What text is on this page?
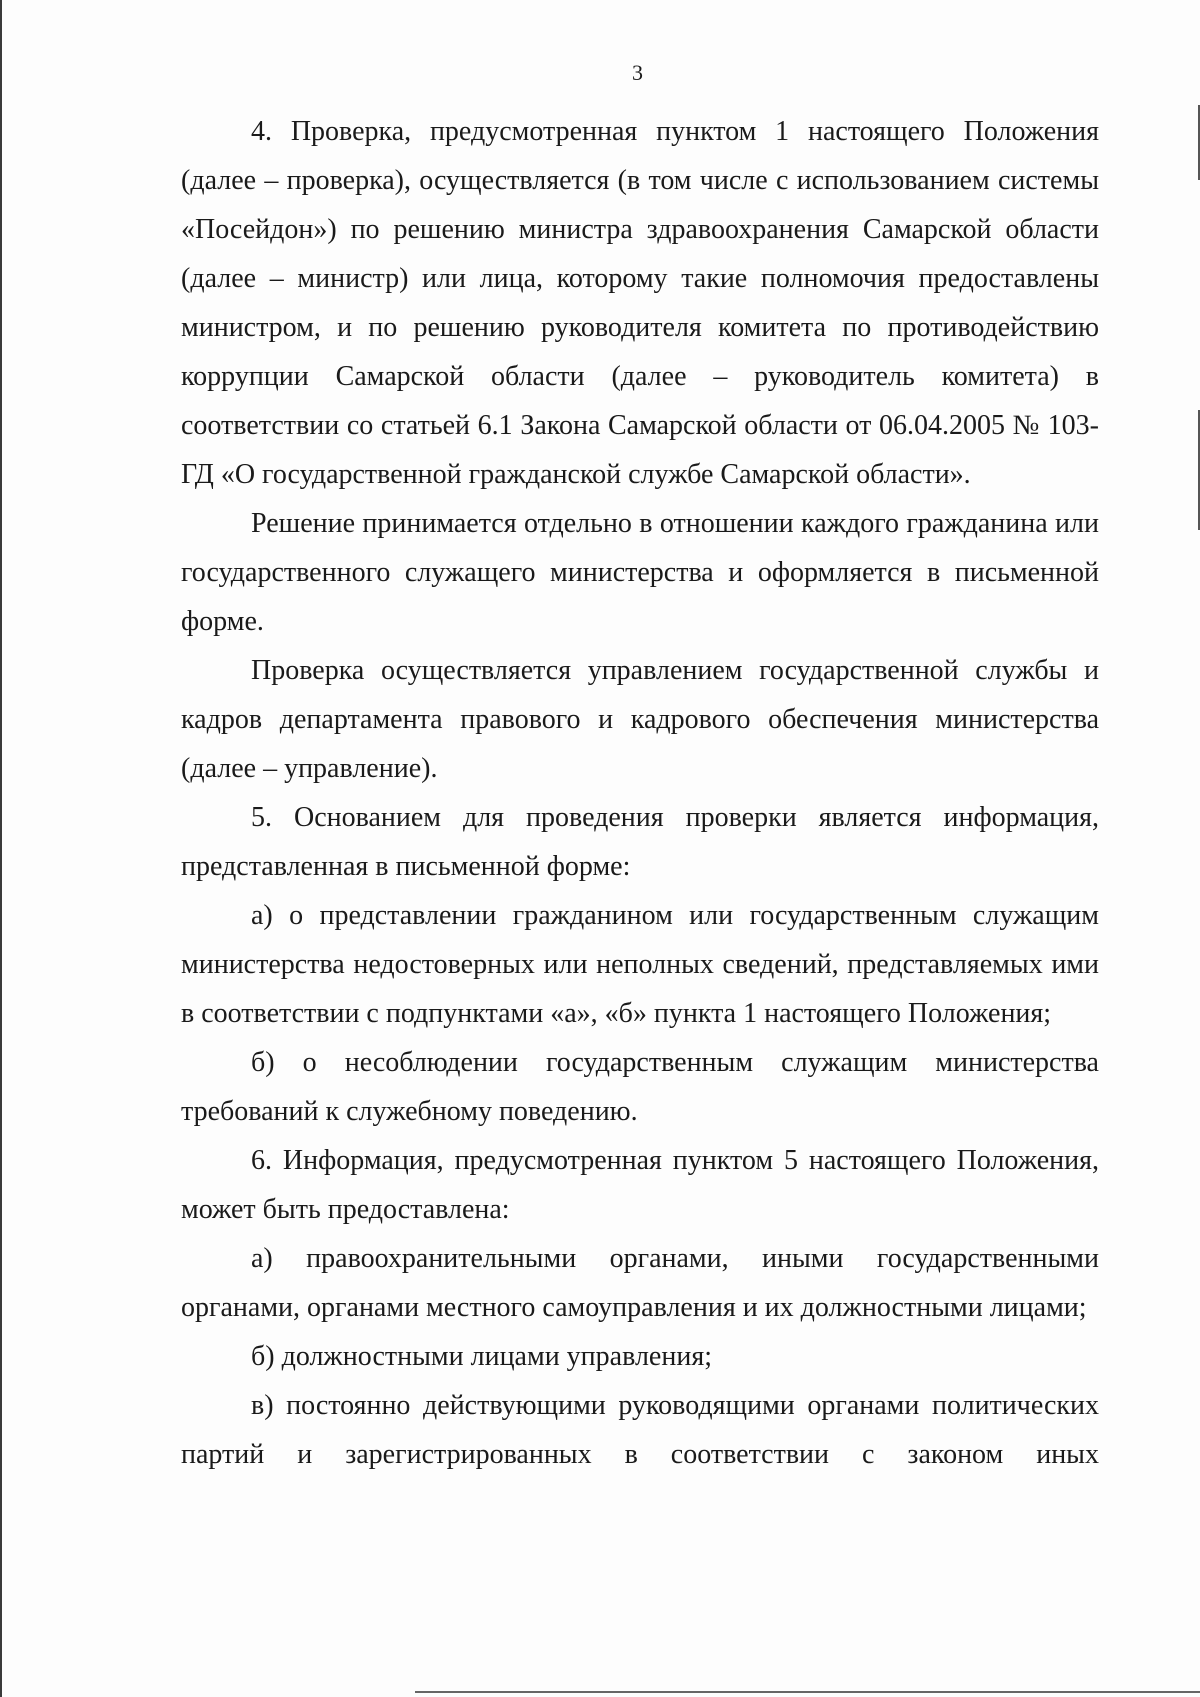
3

4. Проверка, предусмотренная пунктом 1 настоящего Положения (далее – проверка), осуществляется (в том числе с использованием системы «Посейдон») по решению министра здравоохранения Самарской области (далее – министр) или лица, которому такие полномочия предоставлены министром, и по решению руководителя комитета по противодействию коррупции Самарской области (далее – руководитель комитета) в соответствии со статьей 6.1 Закона Самарской области от 06.04.2005 № 103-ГД «О государственной гражданской службе Самарской области».

Решение принимается отдельно в отношении каждого гражданина или государственного служащего министерства и оформляется в письменной форме.

Проверка осуществляется управлением государственной службы и кадров департамента правового и кадрового обеспечения министерства (далее – управление).

5. Основанием для проведения проверки является информация, представленная в письменной форме:

а) о представлении гражданином или государственным служащим министерства недостоверных или неполных сведений, представляемых ими в соответствии с подпунктами «а», «б» пункта 1 настоящего Положения;

б) о несоблюдении государственным служащим министерства требований к служебному поведению.

6. Информация, предусмотренная пунктом 5 настоящего Положения, может быть предоставлена:

а) правоохранительными органами, иными государственными органами, органами местного самоуправления и их должностными лицами;

б) должностными лицами управления;

в) постоянно действующими руководящими органами политических партий и зарегистрированных в соответствии с законом иных
